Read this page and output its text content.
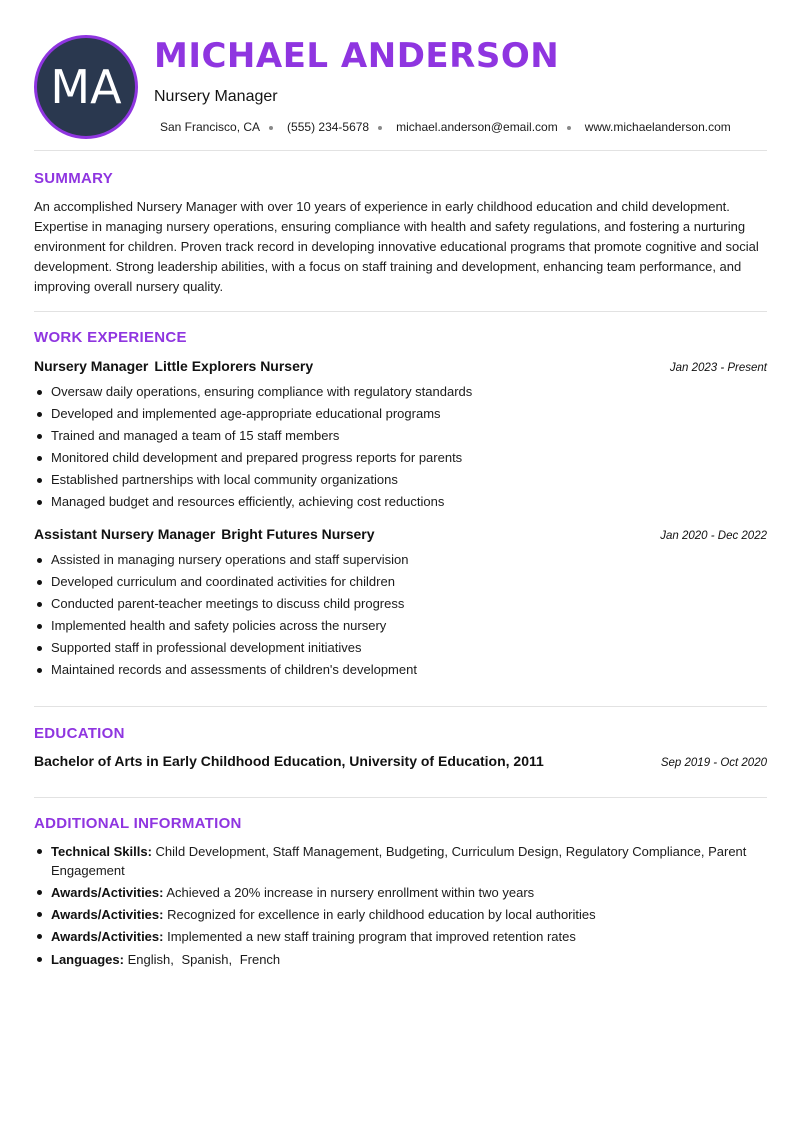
MA
MICHAEL ANDERSON
Nursery Manager
San Francisco, CA (555) 234-5678 michael.anderson@email.com www.michaelanderson.com
SUMMARY
An accomplished Nursery Manager with over 10 years of experience in early childhood education and child development. Expertise in managing nursery operations, ensuring compliance with health and safety regulations, and fostering a nurturing environment for children. Proven track record in developing innovative educational programs that promote cognitive and social development. Strong leadership abilities, with a focus on staff training and development, enhancing team performance, and improving overall nursery quality.
WORK EXPERIENCE
Nursery Manager Little Explorers Nursery	Jan 2023 - Present
Oversaw daily operations, ensuring compliance with regulatory standards
Developed and implemented age-appropriate educational programs
Trained and managed a team of 15 staff members
Monitored child development and prepared progress reports for parents
Established partnerships with local community organizations
Managed budget and resources efficiently, achieving cost reductions
Assistant Nursery Manager Bright Futures Nursery	Jan 2020 - Dec 2022
Assisted in managing nursery operations and staff supervision
Developed curriculum and coordinated activities for children
Conducted parent-teacher meetings to discuss child progress
Implemented health and safety policies across the nursery
Supported staff in professional development initiatives
Maintained records and assessments of children's development
EDUCATION
Bachelor of Arts in Early Childhood Education, University of Education, 2011	Sep 2019 - Oct 2020
ADDITIONAL INFORMATION
Technical Skills: Child Development, Staff Management, Budgeting, Curriculum Design, Regulatory Compliance, Parent Engagement
Awards/Activities: Achieved a 20% increase in nursery enrollment within two years
Awards/Activities: Recognized for excellence in early childhood education by local authorities
Awards/Activities: Implemented a new staff training program that improved retention rates
Languages: English, Spanish, French
